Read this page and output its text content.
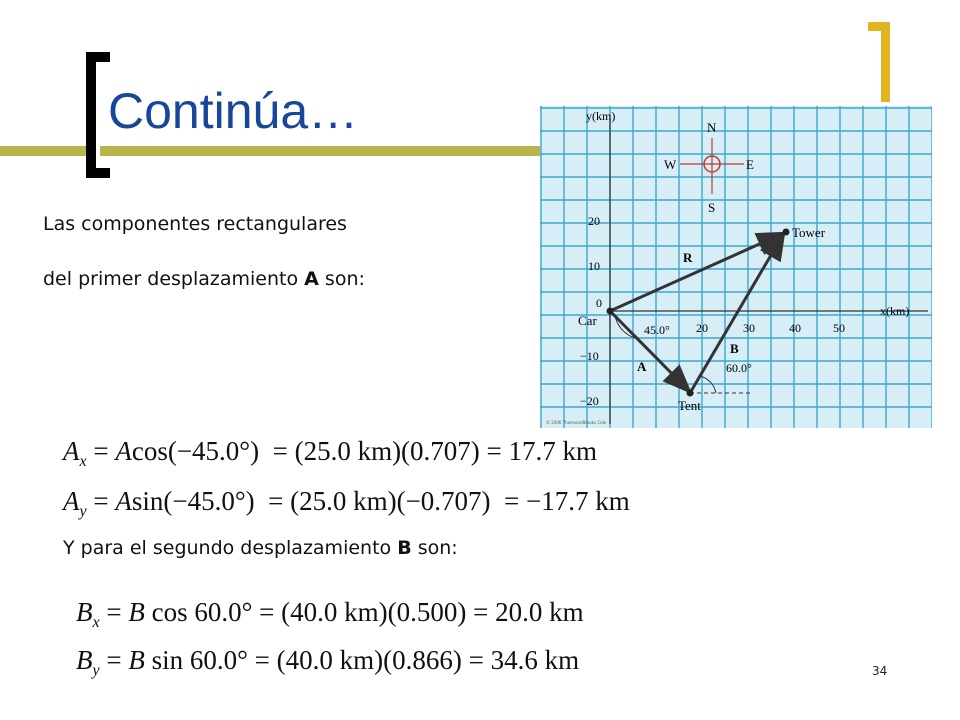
Continúa…
Las componentes rectangulares
del primer desplazamiento A son:
$A_x = Acos(-45.0^\circ) = (25.0$ km)(0.707) = 17.7 km
$A_y = Asin(-45.0^\circ) = (25.0$ km)(−0.707) = −17.7 km
Y para el segundo desplazamiento B son:
$B_x = B$ cos 60.0° = (40.0 km)(0.500) = 20.0 km
$B_y = B$ sin 60.0° = (40.0 km)(0.866) = 34.6 km	34
y(km)
x(km)
20
10
0
−10
−20
20	30	40	50
N
S
E
W
Car
Tower
Tent
R
A
B
45.0°
60.0°
© 2006 Thomson/Brooks Cole
